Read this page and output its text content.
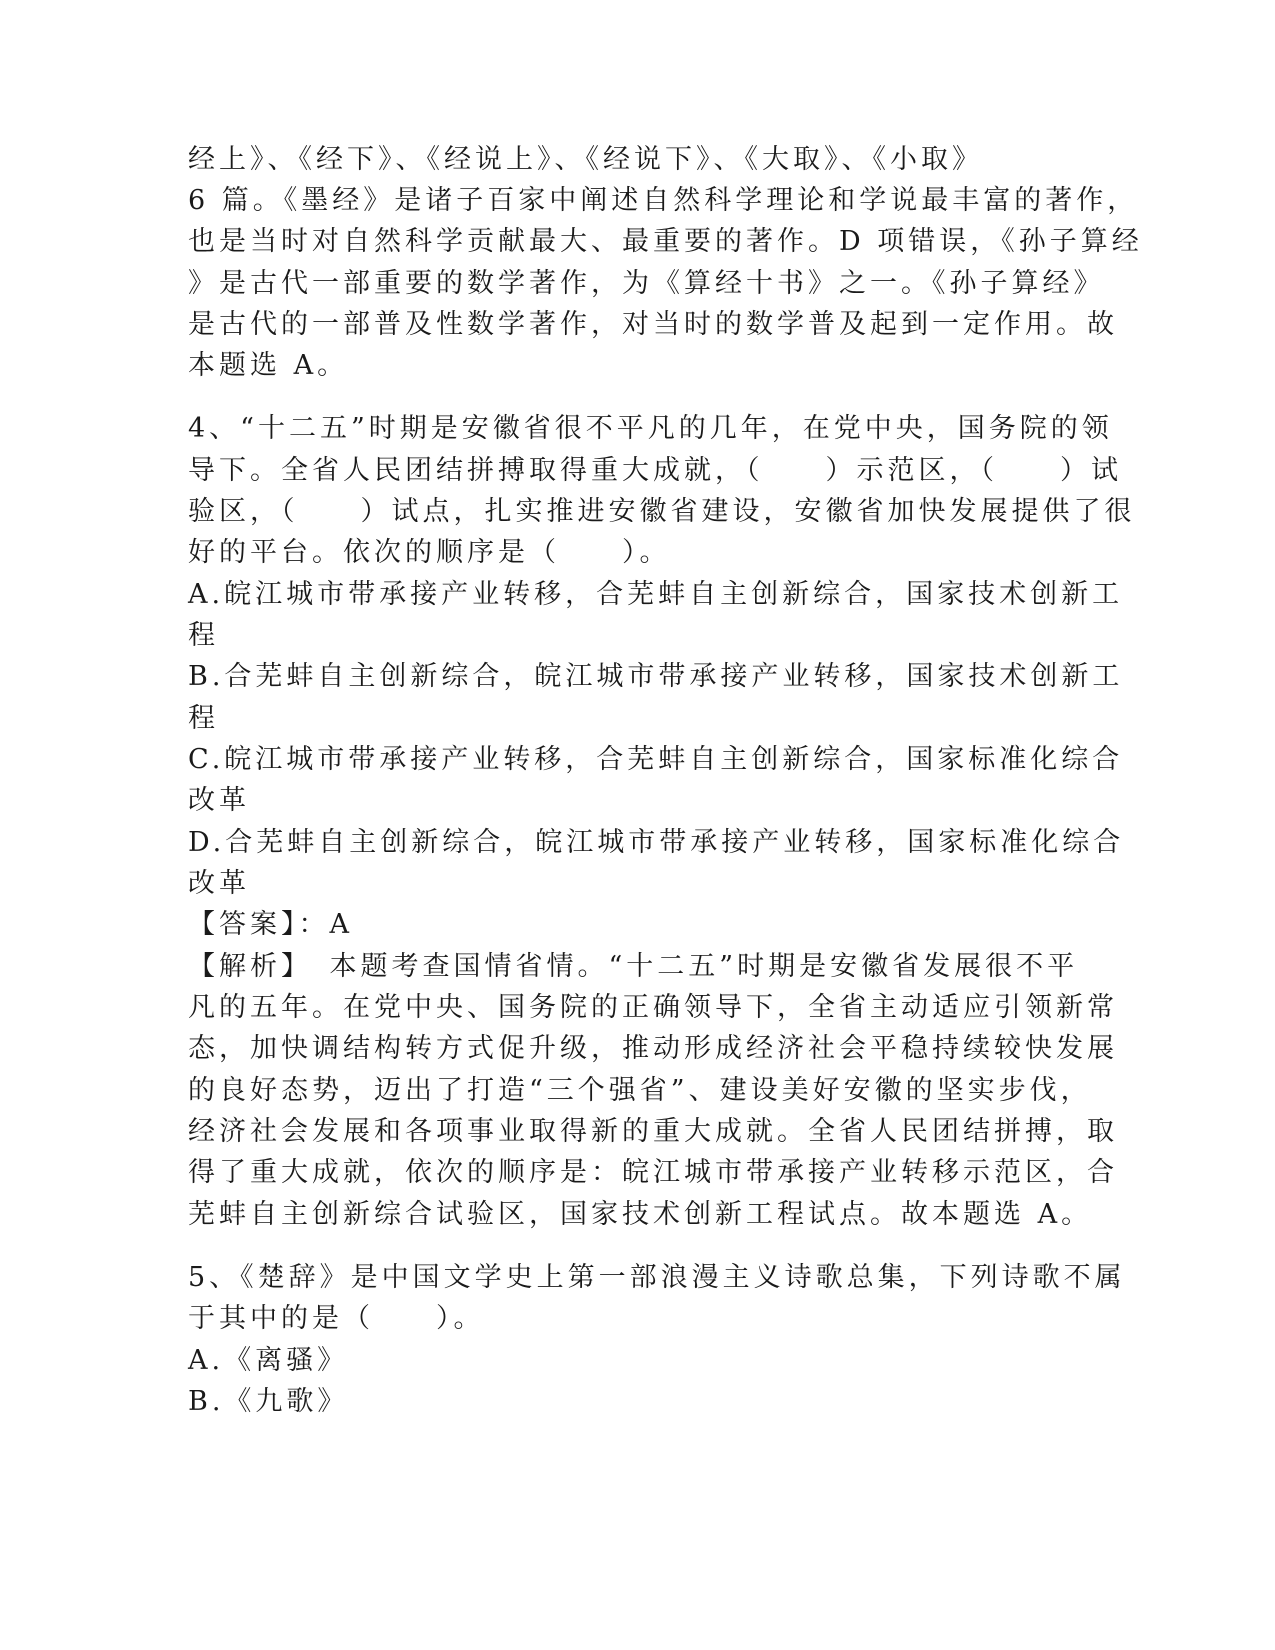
经上》、《经下》、《经说上》、《经说下》、《大取》、《小取》
6 篇。《墨经》是诸子百家中阐述自然科学理论和学说最丰富的著作，
也是当时对自然科学贡献最大、最重要的著作。D 项错误，《孙子算经
》是古代一部重要的数学著作，为《算经十书》之一。《孙子算经》
是古代的一部普及性数学著作，对当时的数学普及起到一定作用。故
本题选 A。
4、“十二五”时期是安徽省很不平凡的几年，在党中央，国务院的领
导下。全省人民团结拼搏取得重大成就，（　　）示范区，（　　）试
验区，（　　）试点，扎实推进安徽省建设，安徽省加快发展提供了很
好的平台。依次的顺序是（　　）。
A.皖江城市带承接产业转移，合芜蚌自主创新综合，国家技术创新工
程
B.合芜蚌自主创新综合，皖江城市带承接产业转移，国家技术创新工
程
C.皖江城市带承接产业转移，合芜蚌自主创新综合，国家标准化综合
改革
D.合芜蚌自主创新综合，皖江城市带承接产业转移，国家标准化综合
改革
【答案】：A
【解析】　本题考查国情省情。“十二五”时期是安徽省发展很不平
凡的五年。在党中央、国务院的正确领导下，全省主动适应引领新常
态，加快调结构转方式促升级，推动形成经济社会平稳持续较快发展
的良好态势，迈出了打造“三个强省”、建设美好安徽的坚实步伐，
经济社会发展和各项事业取得新的重大成就。全省人民团结拼搏，取
得了重大成就，依次的顺序是：皖江城市带承接产业转移示范区，合
芜蚌自主创新综合试验区，国家技术创新工程试点。故本题选 A。
5、《楚辞》是中国文学史上第一部浪漫主义诗歌总集，下列诗歌不属
于其中的是（　　）。
A.《离骚》
B.《九歌》
